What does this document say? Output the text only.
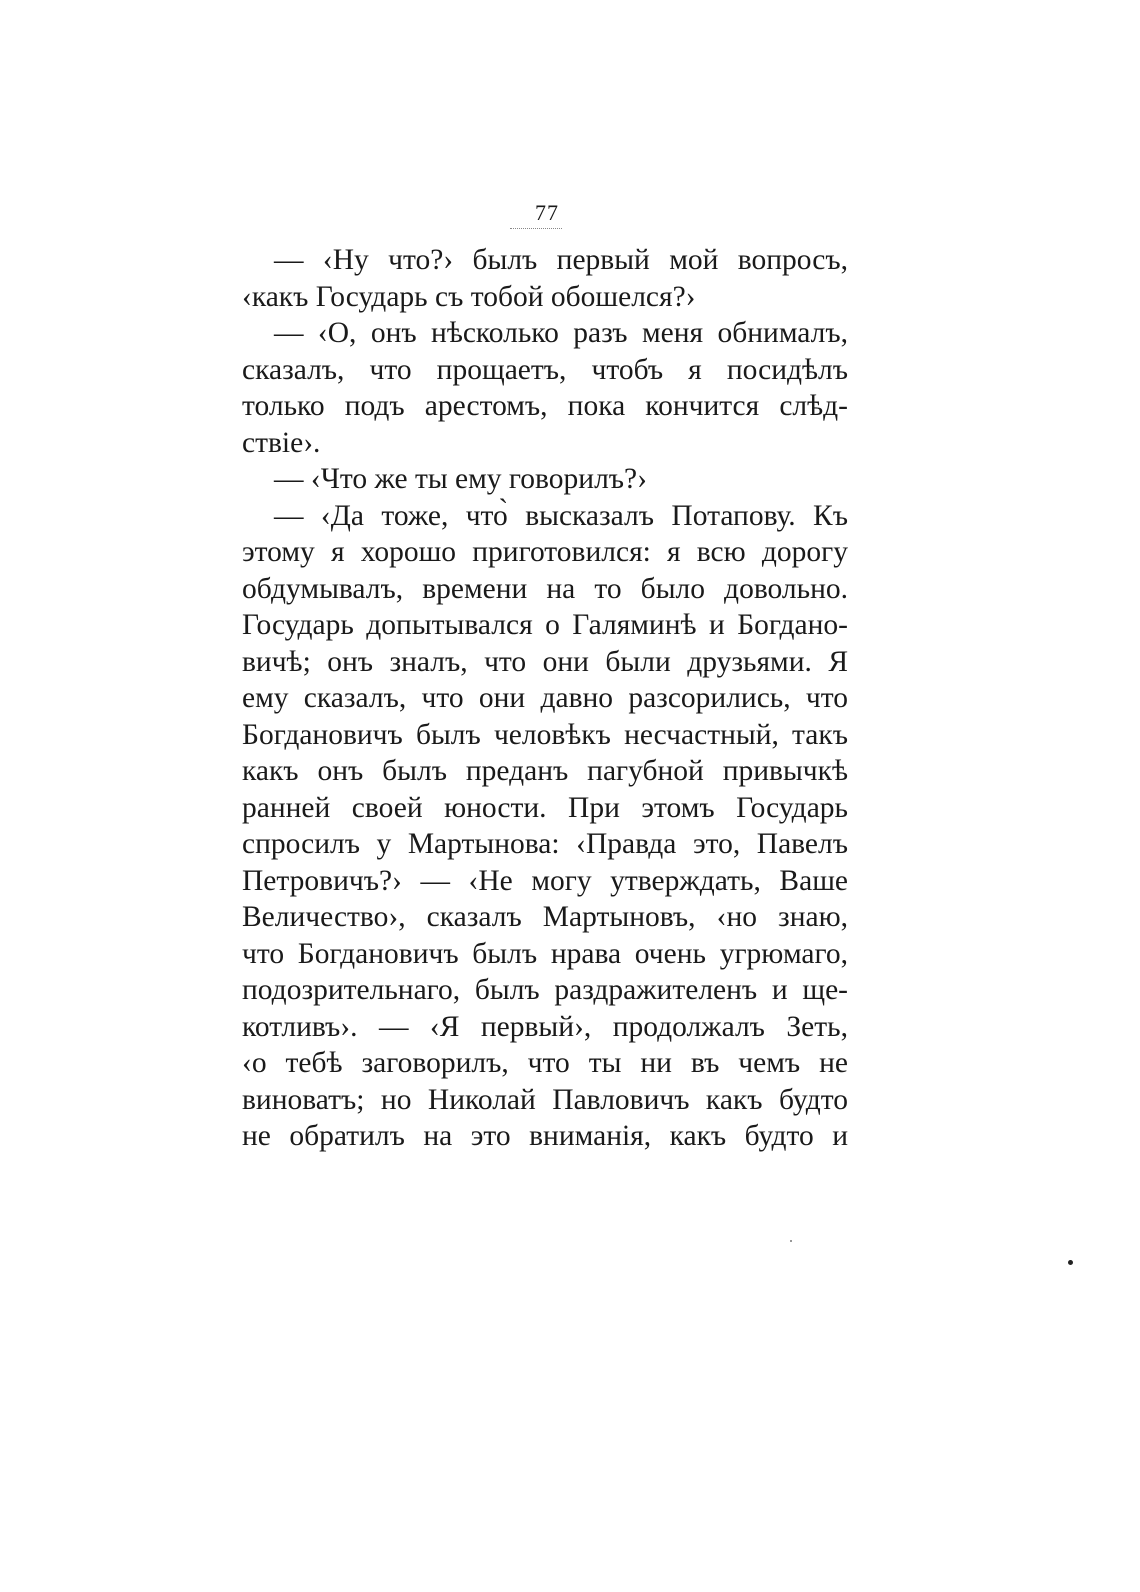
77
— ‹Ну что?› былъ первый мой вопросъ,
‹какъ Государь съ тобой обошелся?›
— ‹О, онъ нѣсколько разъ меня обнималъ,
сказалъ, что прощаетъ, чтобъ я посидѣлъ
только подъ арестомъ, пока кончится слѣд-
ствіе›.
— ‹Что же ты ему говорилъ?›
— ‹Да тоже, что̀ высказалъ Потапову. Къ
этому я хорошо приготовился: я всю дорогу
обдумывалъ, времени на то было довольно.
Государь допытывался о Галяминѣ и Богдано-
вичѣ; онъ зналъ, что они были друзьями. Я
ему сказалъ, что они давно разсорились, что
Богдановичъ былъ человѣкъ несчастный, такъ
какъ онъ былъ преданъ пагубной привычкѣ
ранней своей юности. При этомъ Государь
спросилъ у Мартынова: ‹Правда это, Павелъ
Петровичъ?› — ‹Не могу утверждать, Ваше
Величество›, сказалъ Мартыновъ, ‹но знаю,
что Богдановичъ былъ нрава очень угрюмаго,
подозрительнаго, былъ раздражителенъ и ще-
котливъ›. — ‹Я первый›, продолжалъ Зеть,
‹о тебѣ заговорилъ, что ты ни въ чемъ не
виноватъ; но Николай Павловичъ какъ будто
не обратилъ на это вниманія, какъ будто и
